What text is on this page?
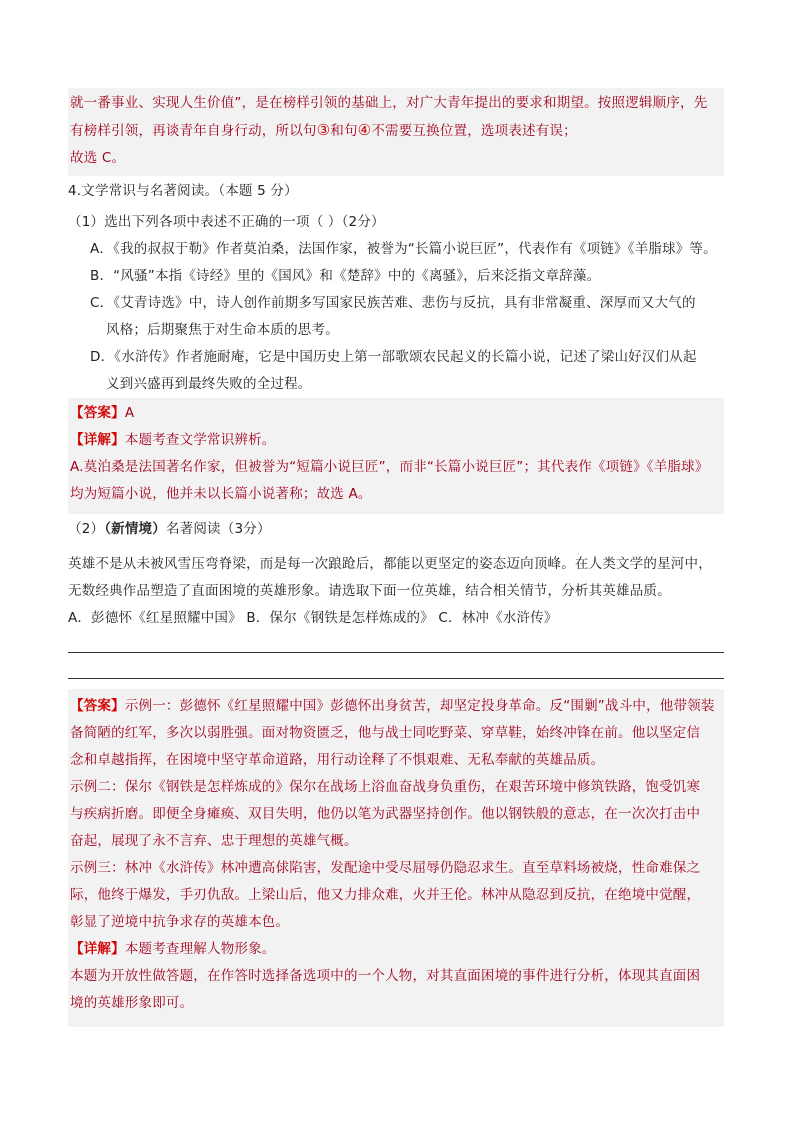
就一番事业、实现人生价值”，是在榜样引领的基础上，对广大青年提出的要求和期望。按照逻辑顺序，先
有榜样引领，再谈青年自身行动，所以句③和句④不需要互换位置，选项表述有误；
故选 C。
4.文学常识与名著阅读。（本题 5 分）
（1）选出下列各项中表述不正确的一项（ ）（2分）
A．《我的叔叔于勒》作者莫泊桑，法国作家，被誉为“长篇小说巨匠”，代表作有《项链》《羊脂球》等。
B．“风骚”本指《诗经》里的《国风》和《楚辞》中的《离骚》，后来泛指文章辞藻。
C．《艾青诗选》中，诗人创作前期多写国家民族苦难、悲伤与反抗，具有非常凝重、深厚而又大气的
风格；后期聚焦于对生命本质的思考。
D．《水浒传》作者施耐庵，它是中国历史上第一部歌颂农民起义的长篇小说，记述了梁山好汉们从起
义到兴盛再到最终失败的全过程。
【答案】A
【详解】本题考查文学常识辨析。
A.莫泊桑是法国著名作家，但被誉为“短篇小说巨匠”，而非“长篇小说巨匠”；其代表作《项链》《羊脂球》
均为短篇小说，他并未以长篇小说著称；故选 A。
（2）（新情境）名著阅读（3分）
英雄不是从未被风雪压弯脊梁，而是每一次踉跄后，都能以更坚定的姿态迈向顶峰。在人类文学的星河中，
无数经典作品塑造了直面困境的英雄形象。请选取下面一位英雄，结合相关情节，分析其英雄品质。
A．彭德怀《红星照耀中国》 B．保尔《钢铁是怎样炼成的》 C．林冲《水浒传》
【答案】示例一：彭德怀《红星照耀中国》彭德怀出身贫苦，却坚定投身革命。反“围剿”战斗中，他带领装
备简陋的红军，多次以弱胜强。面对物资匮乏，他与战士同吃野菜、穿草鞋，始终冲锋在前。他以坚定信
念和卓越指挥，在困境中坚守革命道路，用行动诠释了不惧艰难、无私奉献的英雄品质。
示例二：保尔《钢铁是怎样炼成的》保尔在战场上浴血奋战身负重伤，在艰苦环境中修筑铁路，饱受饥寒
与疾病折磨。即便全身瘫痪、双目失明，他仍以笔为武器坚持创作。他以钢铁般的意志，在一次次打击中
奋起，展现了永不言弃、忠于理想的英雄气概。
示例三：林冲《水浒传》林冲遭高俅陷害，发配途中受尽屈辱仍隐忍求生。直至草料场被烧，性命难保之
际，他终于爆发，手刃仇敌。上梁山后，他又力排众难，火并王伦。林冲从隐忍到反抗，在绝境中觉醒，
彰显了逆境中抗争求存的英雄本色。
【详解】本题考查理解人物形象。
本题为开放性做答题，在作答时选择备选项中的一个人物，对其直面困境的事件进行分析，体现其直面困
境的英雄形象即可。
